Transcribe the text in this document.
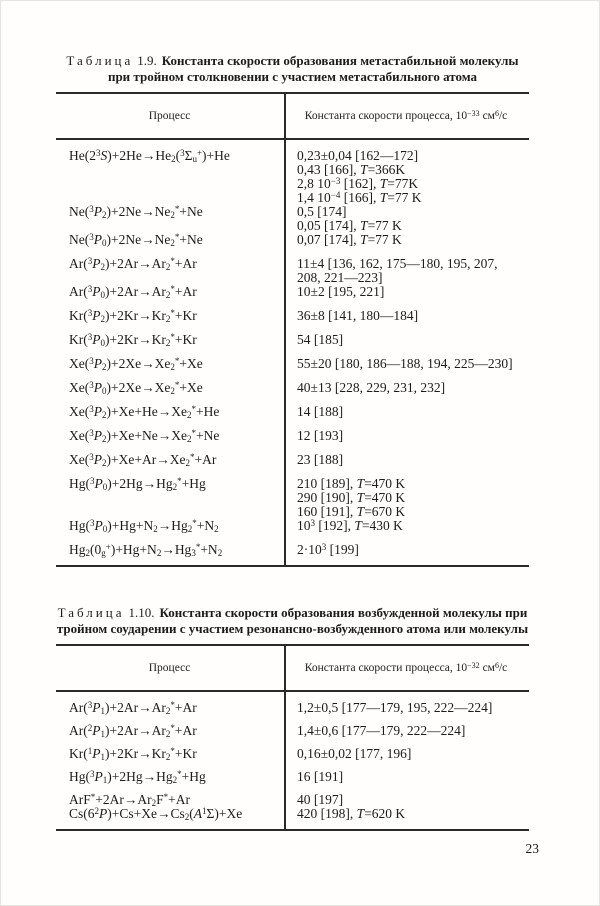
Таблица 1.9. Константа скорости образования метастабильной молекулы при тройном столкновении с участием метастабильного атома

Процесс	Константа скорости процесса, $10^{-33}$ $см^6/с$
$He(2^3S)+2He\to He_2(^3\Sigma_u^+)+He$	0,23±0,04 [162—172]
0,43 [166], T=366K
2,8 $10^{-3}$ [162], T=77K
1,4 $10^{-4}$ [166], T=77 K
$Ne(^3P_2)+2Ne\to Ne_2^*+Ne$	0,5 [174]
0,05 [174], T=77 K
$Ne(^3P_0)+2Ne\to Ne_2^*+Ne$	0,07 [174], T=77 K
$Ar(^3P_2)+2Ar\to Ar_2^*+Ar$	11±4 [136, 162, 175—180, 195, 207,
208, 221—223]
$Ar(^3P_0)+2Ar\to Ar_2^*+Ar$	10±2 [195, 221]
$Kr(^3P_2)+2Kr\to Kr_2^*+Kr$	36±8 [141, 180—184]
$Kr(^3P_0)+2Kr\to Kr_2^*+Kr$	54 [185]
$Xe(^3P_2)+2Xe\to Xe_2^*+Xe$	55±20 [180, 186—188, 194, 225—230]
$Xe(^3P_0)+2Xe\to Xe_2^*+Xe$	40±13 [228, 229, 231, 232]
$Xe(^3P_2)+Xe+He\to Xe_2^*+He$	14 [188]
$Xe(^3P_2)+Xe+Ne\to Xe_2^*+Ne$	12 [193]
$Xe(^3P_2)+Xe+Ar\to Xe_2^*+Ar$	23 [188]
$Hg(^3P_0)+2Hg\to Hg_2^*+Hg$	210 [189], T=470 K
290 [190], T=470 K
160 [191], T=670 K
$Hg(^3P_0)+Hg+N_2\to Hg_2^*+N_2$	$10^3$ [192], T=430 K
$Hg_2(0_g^+)+Hg+N_2\to Hg_3^*+N_2$	$2\cdot 10^3$ [199]

Таблица 1.10. Константа скорости образования возбужденной молекулы при тройном соударении с участием резонансно-возбужденного атома или молекулы

Процесс	Константа скорости процесса, $10^{-32}$ $см^6/с$
$Ar(^3P_1)+2Ar\to Ar_2^*+Ar$	1,2±0,5 [177—179, 195, 222—224]
$Ar(^2P_1)+2Ar\to Ar_2^*+Ar$	1,4±0,6 [177—179, 222—224]
$Kr(^1P_1)+2Kr\to Kr_2^*+Kr$	0,16±0,02 [177, 196]
$Hg(^3P_1)+2Hg\to Hg_2^*+Hg$	16 [191]
$ArF^*+2Ar\to Ar_2F^*+Ar$	40 [197]
$Cs(6^2P)+Cs+Xe\to Cs_2(A^1\Sigma)+Xe$	420 [198], T=620 K
23
